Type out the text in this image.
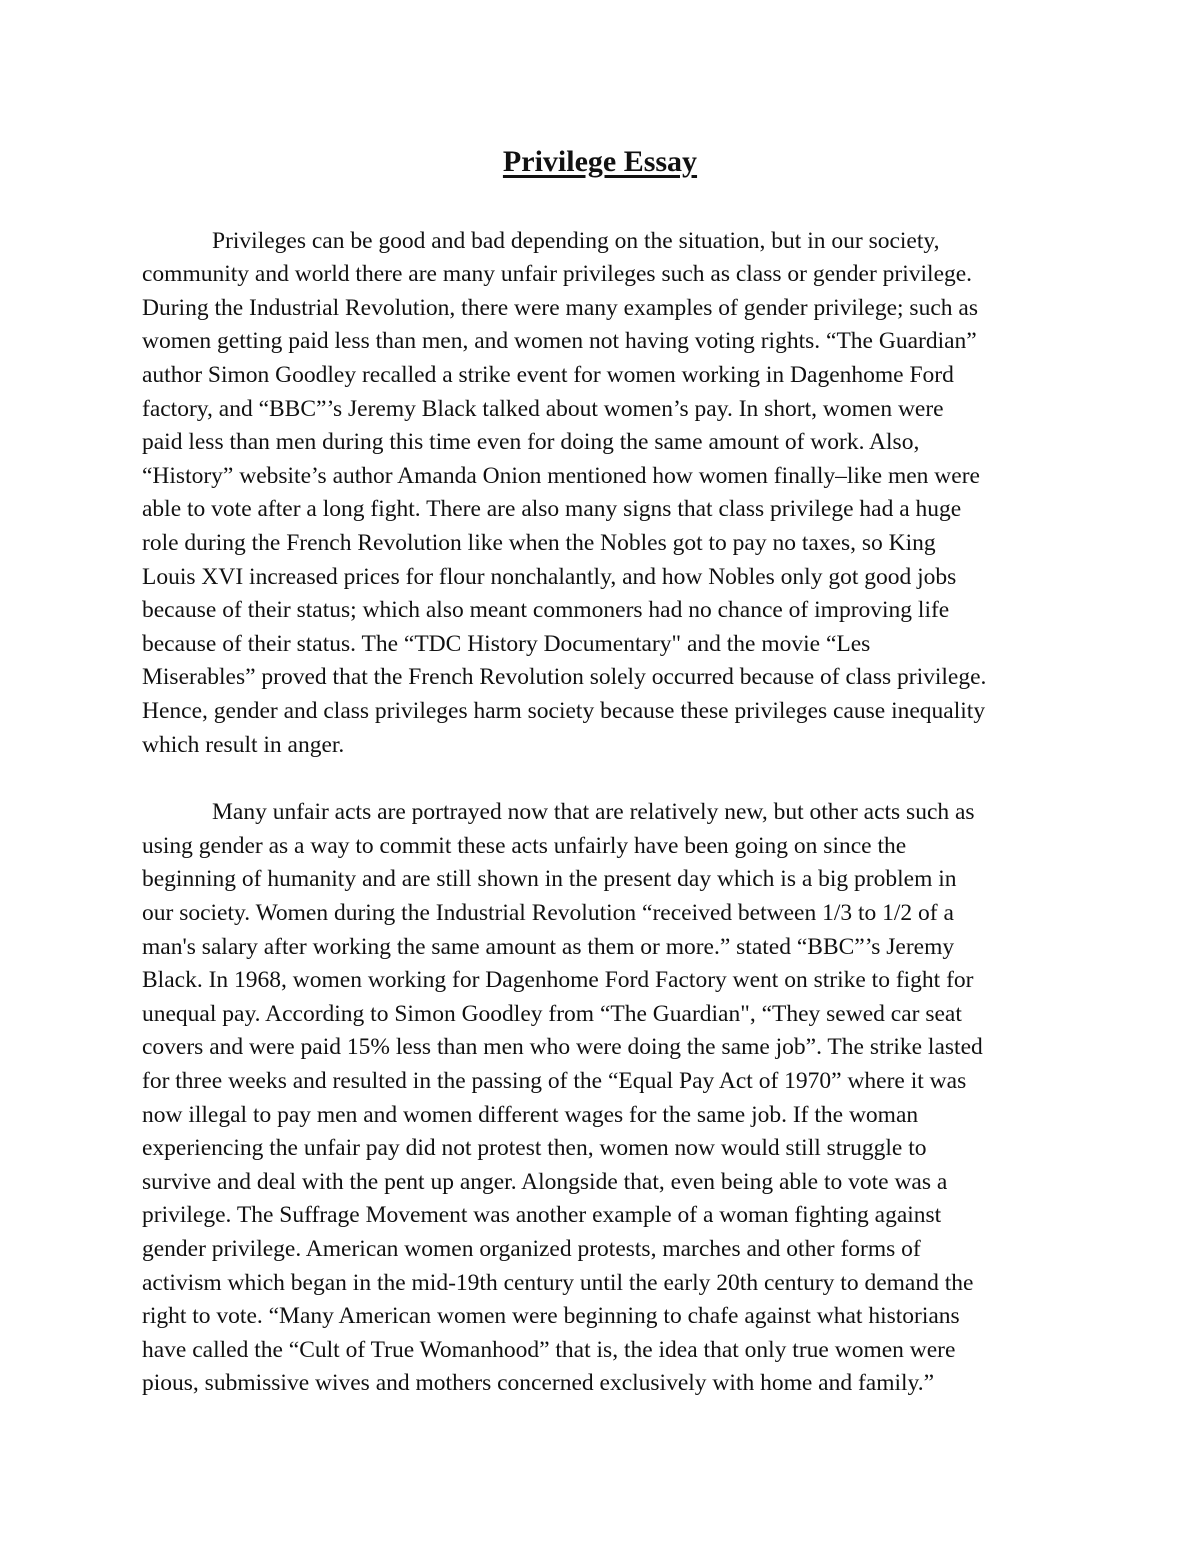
Privilege Essay
Privileges can be good and bad depending on the situation, but in our society,
community and world there are many unfair privileges such as class or gender privilege.
During the Industrial Revolution, there were many examples of gender privilege; such as
women getting paid less than men, and women not having voting rights. “The Guardian”
author Simon Goodley recalled a strike event for women working in Dagenhome Ford
factory, and “BBC”’s Jeremy Black talked about women’s pay. In short, women were
paid less than men during this time even for doing the same amount of work. Also,
“History” website’s author Amanda Onion mentioned how women finally–like men were
able to vote after a long fight. There are also many signs that class privilege had a huge
role during the French Revolution like when the Nobles got to pay no taxes, so King
Louis XVI increased prices for flour nonchalantly, and how Nobles only got good jobs
because of their status; which also meant commoners had no chance of improving life
because of their status. The “TDC History Documentary" and the movie “Les
Miserables” proved that the French Revolution solely occurred because of class privilege.
Hence, gender and class privileges harm society because these privileges cause inequality
which result in anger.
Many unfair acts are portrayed now that are relatively new, but other acts such as
using gender as a way to commit these acts unfairly have been going on since the
beginning of humanity and are still shown in the present day which is a big problem in
our society. Women during the Industrial Revolution “received between 1/3 to 1/2 of a
man's salary after working the same amount as them or more.” stated “BBC”’s Jeremy
Black. In 1968, women working for Dagenhome Ford Factory went on strike to fight for
unequal pay. According to Simon Goodley from “The Guardian", “They sewed car seat
covers and were paid 15% less than men who were doing the same job”. The strike lasted
for three weeks and resulted in the passing of the “Equal Pay Act of 1970” where it was
now illegal to pay men and women different wages for the same job. If the woman
experiencing the unfair pay did not protest then, women now would still struggle to
survive and deal with the pent up anger. Alongside that, even being able to vote was a
privilege. The Suffrage Movement was another example of a woman fighting against
gender privilege. American women organized protests, marches and other forms of
activism which began in the mid-19th century until the early 20th century to demand the
right to vote. “Many American women were beginning to chafe against what historians
have called the “Cult of True Womanhood” that is, the idea that only true women were
pious, submissive wives and mothers concerned exclusively with home and family.”
